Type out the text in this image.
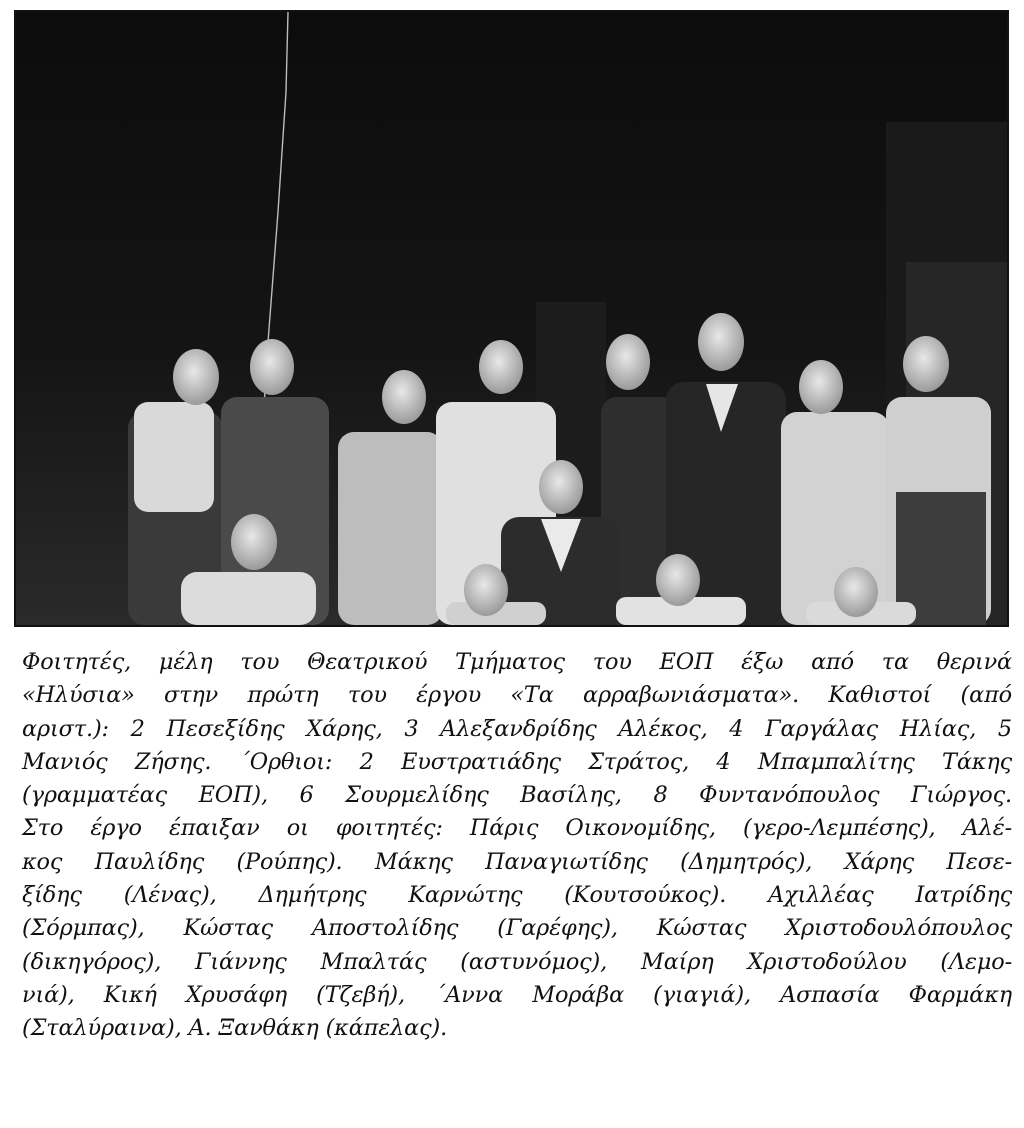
Φοιτητές, μέλη του Θεατρικού Τμήματος του ΕΟΠ έξω από τα θερινά
«Ηλύσια» στην πρώτη του έργου «Τα αρραβωνιάσματα». Καθιστοί (από
αριστ.): 2 Πεσεξίδης Χάρης, 3 Αλεξανδρίδης Αλέκος, 4 Γαργάλας Ηλίας, 5
Μανιός Ζήσης. ´Ορθιοι: 2 Ευστρατιάδης Στράτος, 4 Μπαμπαλίτης Τάκης
(γραμματέας ΕΟΠ), 6 Σουρμελίδης Βασίλης, 8 Φυντανόπουλος Γιώργος.
Στο έργο έπαιξαν οι φοιτητές: Πάρις Οικονομίδης, (γερο-Λεμπέσης), Αλέ-
κος Παυλίδης (Ρούπης). Μάκης Παναγιωτίδης (Δημητρός), Χάρης Πεσε-
ξίδης (Λένας), Δημήτρης Καρνώτης (Κουτσούκος). Αχιλλέας Ιατρίδης
(Σόρμπας), Κώστας Αποστολίδης (Γαρέφης), Κώστας Χριστοδουλόπουλος
(δικηγόρος), Γιάννης Μπαλτάς (αστυνόμος), Μαίρη Χριστοδούλου (Λεμο-
νιά), Κική Χρυσάφη (Τζεβή), ´Αννα Μοράβα (γιαγιά), Ασπασία Φαρμάκη
(Σταλύραινα), Α. Ξανθάκη (κάπελας).
